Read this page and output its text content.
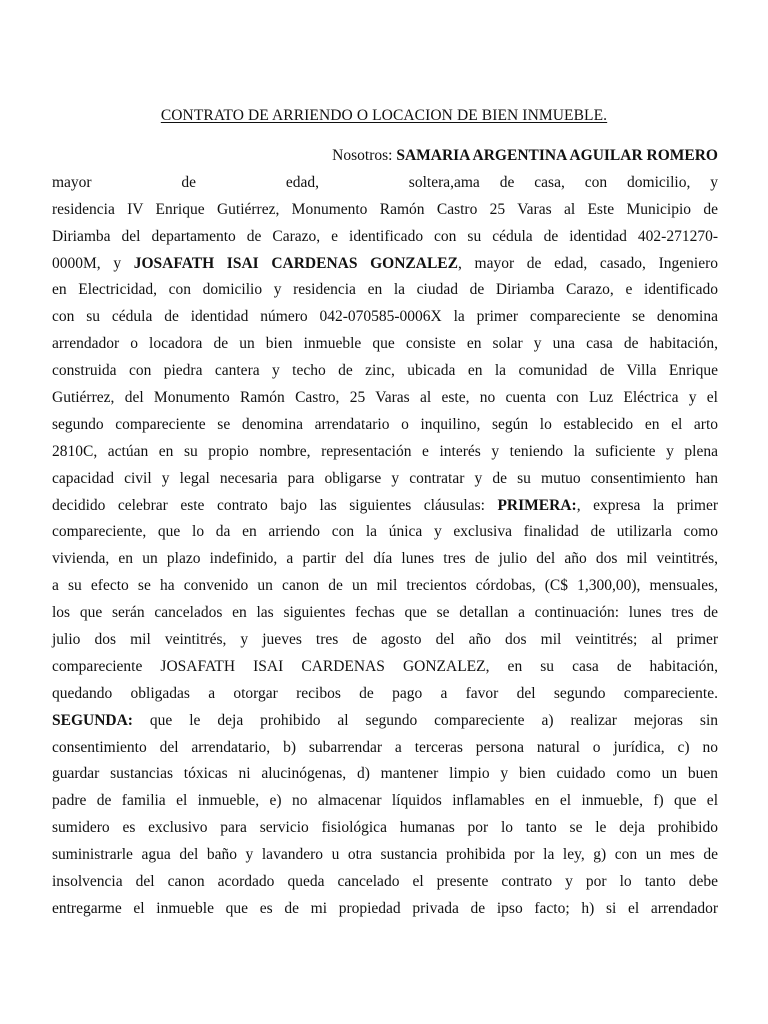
CONTRATO DE ARRIENDO O LOCACION DE BIEN INMUEBLE.
Nosotros: SAMARIA ARGENTINA AGUILAR ROMERO
mayor de edad, soltera, ama de casa, con domicilio, y
residencia IV Enrique Gutiérrez, Monumento Ramón Castro 25 Varas al Este Municipio de
Diriamba del departamento de Carazo, e identificado con su cédula de identidad 402-271270-
0000M, y JOSAFATH ISAI CARDENAS GONZALEZ, mayor de edad, casado, Ingeniero
en Electricidad, con domicilio y residencia en la ciudad de Diriamba Carazo, e identificado
con su cédula de identidad número 042-070585-0006X la primer compareciente se denomina
arrendador o locadora de un bien inmueble que consiste en solar y una casa de habitación,
construida con piedra cantera y techo de zinc, ubicada en la comunidad de Villa Enrique
Gutiérrez, del Monumento Ramón Castro, 25 Varas al este, no cuenta con Luz Eléctrica y el
segundo compareciente se denomina arrendatario o inquilino, según lo establecido en el arto
2810C, actúan en su propio nombre, representación e interés y teniendo la suficiente y plena
capacidad civil y legal necesaria para obligarse y contratar y de su mutuo consentimiento han
decidido celebrar este contrato bajo las siguientes cláusulas: PRIMERA:, expresa la primer
compareciente, que lo da en arriendo con la única y exclusiva finalidad de utilizarla como
vivienda, en un plazo indefinido, a partir del día lunes tres de julio del año dos mil veintitrés,
a su efecto se ha convenido un canon de un mil trecientos córdobas, (C$ 1,300,00), mensuales,
los que serán cancelados en las siguientes fechas que se detallan a continuación: lunes tres de
julio dos mil veintitrés, y jueves tres de agosto del año dos mil veintitrés; al primer
compareciente JOSAFATH ISAI CARDENAS GONZALEZ, en su casa de habitación,
quedando obligadas a otorgar recibos de pago a favor del segundo compareciente.
SEGUNDA: que le deja prohibido al segundo compareciente a) realizar mejoras sin
consentimiento del arrendatario, b) subarrendar a terceras persona natural o jurídica, c) no
guardar sustancias tóxicas ni alucinógenas, d) mantener limpio y bien cuidado como un buen
padre de familia el inmueble, e) no almacenar líquidos inflamables en el inmueble, f) que el
sumidero es exclusivo para servicio fisiológica humanas por lo tanto se le deja prohibido
suministrarle agua del baño y lavandero u otra sustancia prohibida por la ley, g) con un mes de
insolvencia del canon acordado queda cancelado el presente contrato y por lo tanto debe
entregarme el inmueble que es de mi propiedad privada de ipso facto; h) si el arrendador
